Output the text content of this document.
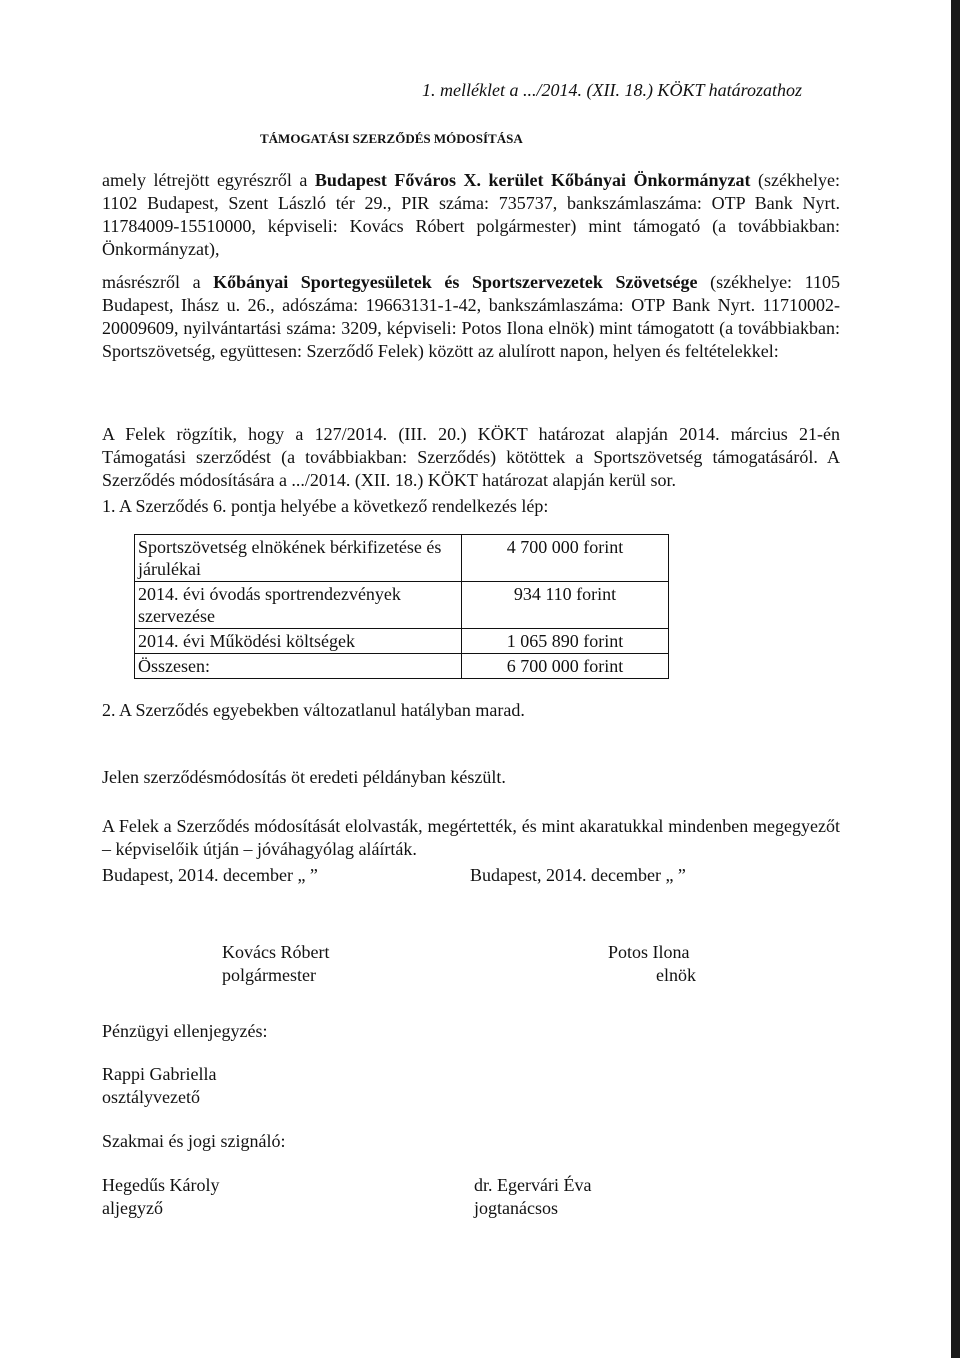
1. melléklet a .../2014. (XII. 18.) KÖKT határozathoz

TÁMOGATÁSI SZERZŐDÉS MÓDOSÍTÁSA

amely létrejött egyrészről a Budapest Főváros X. kerület Kőbányai Önkormányzat (székhelye: 1102 Budapest, Szent László tér 29., PIR száma: 735737, bankszámlaszáma: OTP Bank Nyrt. 11784009-15510000, képviseli: Kovács Róbert polgármester) mint támogató (a továbbiakban: Önkormányzat),

másrészről a Kőbányai Sportegyesületek és Sportszervezetek Szövetsége (székhelye: 1105 Budapest, Ihász u. 26., adószáma: 19663131-1-42, bankszámlaszáma: OTP Bank Nyrt. 11710002-20009609, nyilvántartási száma: 3209, képviseli: Potos Ilona elnök) mint támogatott (a továbbiakban: Sportszövetség, együttesen: Szerződő Felek) között az alulírott napon, helyen és feltételekkel:

A Felek rögzítik, hogy a 127/2014. (III. 20.) KÖKT határozat alapján 2014. március 21-én Támogatási szerződést (a továbbiakban: Szerződés) kötöttek a Sportszövetség támogatásáról. A Szerződés módosítására a .../2014. (XII. 18.) KÖKT határozat alapján kerül sor.

1. A Szerződés 6. pontja helyébe a következő rendelkezés lép:

Sportszövetség elnökének bérkifizetése és járulékai	4 700 000 forint
2014. évi óvodás sportrendezvények szervezése	934 110 forint
2014. évi Működési költségek	1 065 890 forint
Összesen:	6 700 000 forint

2. A Szerződés egyebekben változatlanul hatályban marad.

Jelen szerződésmódosítás öt eredeti példányban készült.

A Felek a Szerződés módosítását elolvasták, megértették, és mint akaratukkal mindenben megegyezőt – képviselőik útján – jóváhagyólag aláírták.

Budapest, 2014. december „ ”	Budapest, 2014. december „ ”

Kovács Róbert

polgármester

Potos Ilona

elnök

Pénzügyi ellenjegyzés:

Rappi Gabriella

osztályvezető

Szakmai és jogi szignáló:

Hegedűs Károly

aljegyző

dr. Egervári Éva

jogtanácsos
